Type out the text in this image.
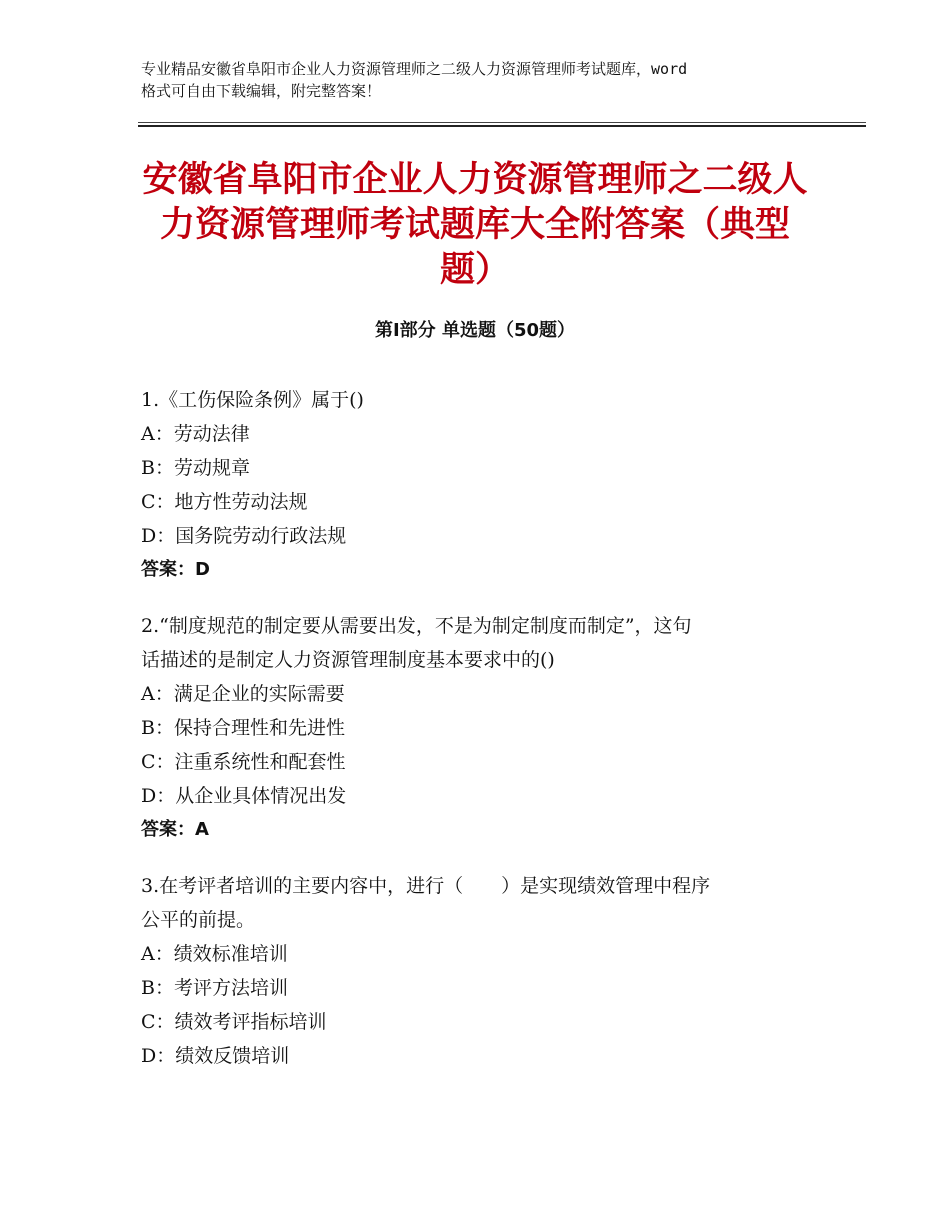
专业精品安徽省阜阳市企业人力资源管理师之二级人力资源管理师考试题库，word
格式可自由下载编辑，附完整答案！
安徽省阜阳市企业人力资源管理师之二级人
力资源管理师考试题库大全附答案（典型
题）
第Ⅰ部分 单选题（50题）
1.《工伤保险条例》属于()
A：劳动法律
B：劳动规章
C：地方性劳动法规
D：国务院劳动行政法规
答案：D
2.“制度规范的制定要从需要出发，不是为制定制度而制定”，这句
话描述的是制定人力资源管理制度基本要求中的()
A：满足企业的实际需要
B：保持合理性和先进性
C：注重系统性和配套性
D：从企业具体情况出发
答案：A
3.在考评者培训的主要内容中，进行（　　）是实现绩效管理中程序
公平的前提。
A：绩效标准培训
B：考评方法培训
C：绩效考评指标培训
D：绩效反馈培训
